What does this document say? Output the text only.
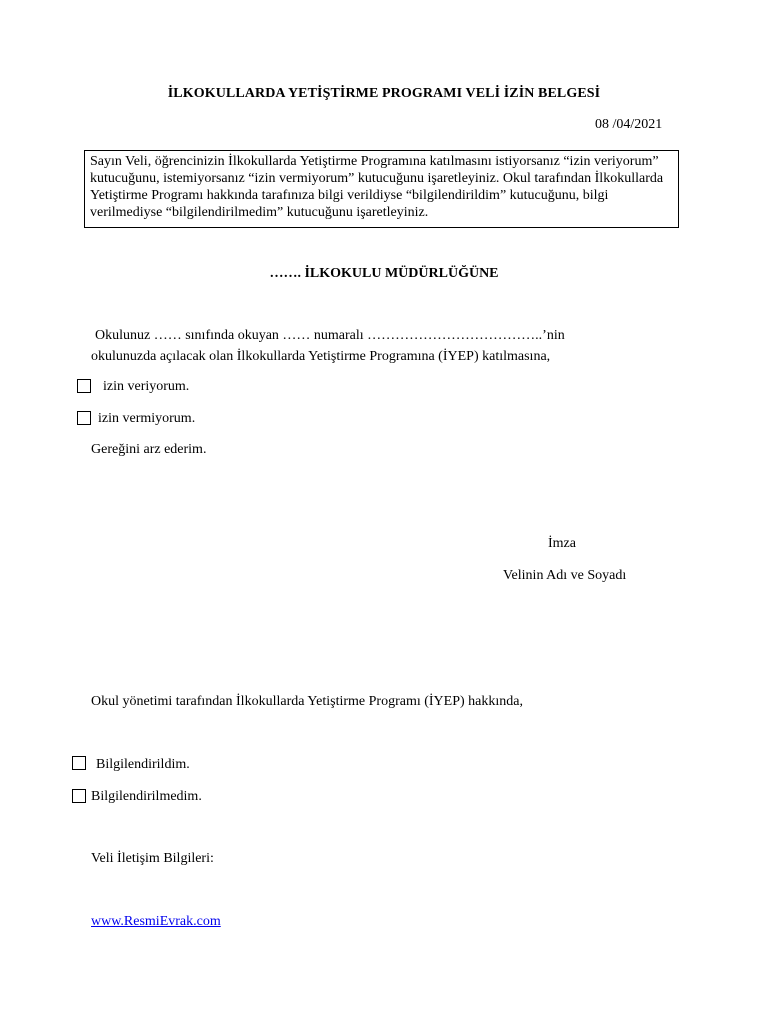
İLKOKULLARDA YETİŞTİRME PROGRAMI VELİ İZİN BELGESİ
08 /04/2021
Sayın Veli, öğrencinizin İlkokullarda Yetiştirme Programına katılmasını istiyorsanız “izin veriyorum” kutucuğunu, istemiyorsanız “izin vermiyorum” kutucuğunu işaretleyiniz. Okul tarafından İlkokullarda Yetiştirme Programı hakkında tarafınıza bilgi verildiyse “bilgilendirildim” kutucuğunu, bilgi verilmediyse “bilgilendirilmedim” kutucuğunu işaretleyiniz.
……. İLKOKULU MÜDÜRLÜĞÜNE
Okulunuz …… sınıfında okuyan …… numaralı ………………………………..’nin
okulunuzda açılacak olan İlkokullarda Yetiştirme Programına (İYEP) katılmasına,
izin veriyorum.
izin vermiyorum.
Gereğini arz ederim.
İmza
Velinin Adı ve Soyadı
Okul yönetimi tarafından İlkokullarda Yetiştirme Programı (İYEP) hakkında,
Bilgilendirildim.
Bilgilendirilmedim.
Veli İletişim Bilgileri:
www.ResmiEvrak.com
